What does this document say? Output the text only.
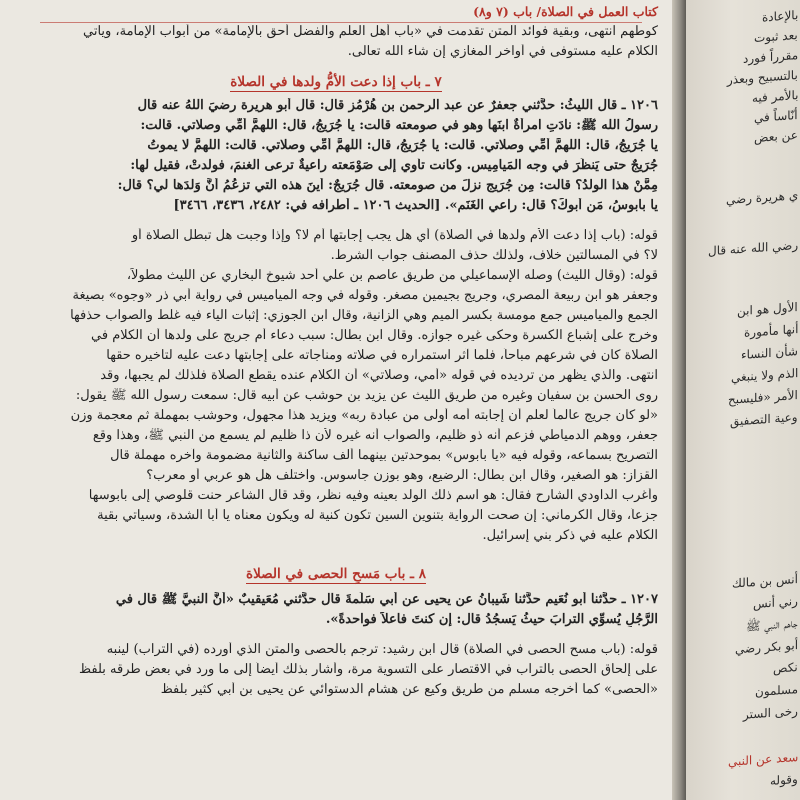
كتاب العمل في الصلاة/ باب (٧ و٨)
كوطهم انتهى، وبقية فوائد المتن تقدمت في «باب أهل العلم والفضل أحق بالإمامة» من أبواب الإمامة، ويأتي
الكلام عليه مستوفى في أواخر المغازي إن شاء الله تعالى.
٧ ـ باب إذا دعت الأمُّ ولدها في الصلاة
١٢٠٦ ـ قال الليثُ: حدَّثني جعفرٌ عن عبد الرحمن بن هُرْمُز قال: قال أبو هريرة رضيَ اللهُ عنه قال
رسولُ الله ﷺ: نادَتِ امرأةٌ ابنَها وهو في صومعته قالت: يا جُرَيجُ، قال: اللهمَّ أمِّي وصلاتي. قالت:
يا جُرَيجُ، قال: اللهمَّ أمِّي وصلاتي. قالت: يا جُرَيجُ، قال: اللهمَّ أمِّي وصلاتي. قالت: اللهمَّ لا يموتُ
جُرَيجٌ حتى يَنظُرَ في وجه المَيامِيسِ. وكانت تأوي إلى صَوْمَعته راعيةٌ ترعى الغنمَ، فولدتْ، فقيل لها:
مِمَّنْ هذا الولدُ؟ قالت: مِن جُرَيجٍ نزلَ من صومعته. قال جُرَيجٌ: أينَ هذه التي تزعُمُ أنَّ وَلدَها لي؟ قال:
يا بابوسُ، مَن أبوكَ؟ قال: راعي الغَنَم». [الحديث ١٢٠٦ ـ أطرافه في: ٢٤٨٢، ٣٤٣٦، ٣٤٦٦]
قوله: (باب إذا دعت الأم ولدها في الصلاة) أي هل يجب إجابتها أم لا؟ وإذا وجبت هل تبطل الصلاة أو
لا؟ في المسألتين خلاف، ولذلك حذف المصنف جواب الشرط.
قوله: (وقال الليث) وصله الإسماعيلي من طريق عاصم بن علي أحد شيوخ البخاري عن الليث مطولاً،
وجعفر هو ابن ربيعة المصري، وجريج بجيمين مصغر. وقوله في وجه المياميس في رواية أبي ذر «وجوه» بصيغة
الجمع والمياميس جمع مومسة بكسر الميم وهي الزانية، وقال ابن الجوزي: إثبات الياء فيه غلط والصواب حذفها
وخرج على إشباع الكسرة وحكى غيره جوازه. وقال ابن بطال: سبب دعاء أم جريج على ولدها أن الكلام في
الصلاة كان في شرعهم مباحاً، فلما آثر استمراره في صلاته ومناجاته على إجابتها دعت عليه لتأخيره حقها
انتهى. والذي يظهر من ترديده في قوله «أمي، وصلاتي» أن الكلام عنده يقطع الصلاة فلذلك لم يجبها، وقد
روى الحسن بن سفيان وغيره من طريق الليث عن يزيد بن حوشب عن أبيه قال: سمعت رسول الله ﷺ يقول:
«لو كان جريج عالماً لعلم أن إجابته أمه أولى من عبادة ربه» ويزيد هذا مجهول، وحوشب بمهملة ثم معجمة وزن
جعفر، ووهم الدمياطي فزعم أنه ذو ظليم، والصواب أنه غيره لأن ذا ظليم لم يسمع من النبي ﷺ، وهذا وقع
التصريح بسماعه، وقوله فيه «يا بابوس» بموحدتين بينهما ألف ساكنة والثانية مضمومة وآخره مهملة قال
القزاز: هو الصغير، وقال ابن بطال: الرضيع، وهو بوزن جاسوس. واختلف هل هو عربي أو معرب؟
وأغرب الداودي الشارح فقال: هو اسم ذلك الولد بعينه وفيه نظر، وقد قال الشاعر حنت قلوصي إلى بابوسها
جزعاً، وقال الكرماني: إن صحت الرواية بتنوين السين تكون كنية له ويكون معناه يا أبا الشدة، وسيأتي بقية
الكلام عليه في ذكر بني إسرائيل.
٨ ـ باب مَسحِ الحصى في الصلاة
١٢٠٧ ـ حدَّثنا أبو نُعَيم حدَّثنا شَيبانُ عن يحيى عن أبي سَلَمةَ قال حدَّثني مُعَيقيبٌ «أنَّ النبيَّ ﷺ قال في
الرَّجُلِ يُسوِّي الترابَ حيثُ يَسجُدُ قال: إن كنتَ فاعلاً فواحدةً».
قوله: (باب مسح الحصى في الصلاة) قال ابن رشيد: ترجم بالحصى والمتن الذي أورده (في التراب) لينبه
على إلحاق الحصى بالتراب في الاقتصار على التسوية مرة، وأشار بذلك أيضاً إلى ما ورد في بعض طرقه بلفظ
«الحصى» كما أخرجه مسلم من طريق وكيع عن هشام الدستوائي عن يحيى بن أبي كثير بلفظ
بالإعادة
بعد ثبوت
مقرراً فورد
بالتسبيح وبعذر
بالأمر فيه
أنّاساً في
عن بعض
ي هريرة رضي
رضي الله عنه قال
الأول هو ابن
أنها مأمورة
شأن النساء
الذم ولا ينبغي
الأمر «فليسبح
وعية التصفيق
أنس بن مالك
رني أنس
جاهم النبي ﷺ
أبو بكر رضي
نكص
مسلمون
رخى الستر
سعد عن النبي
وقوله
